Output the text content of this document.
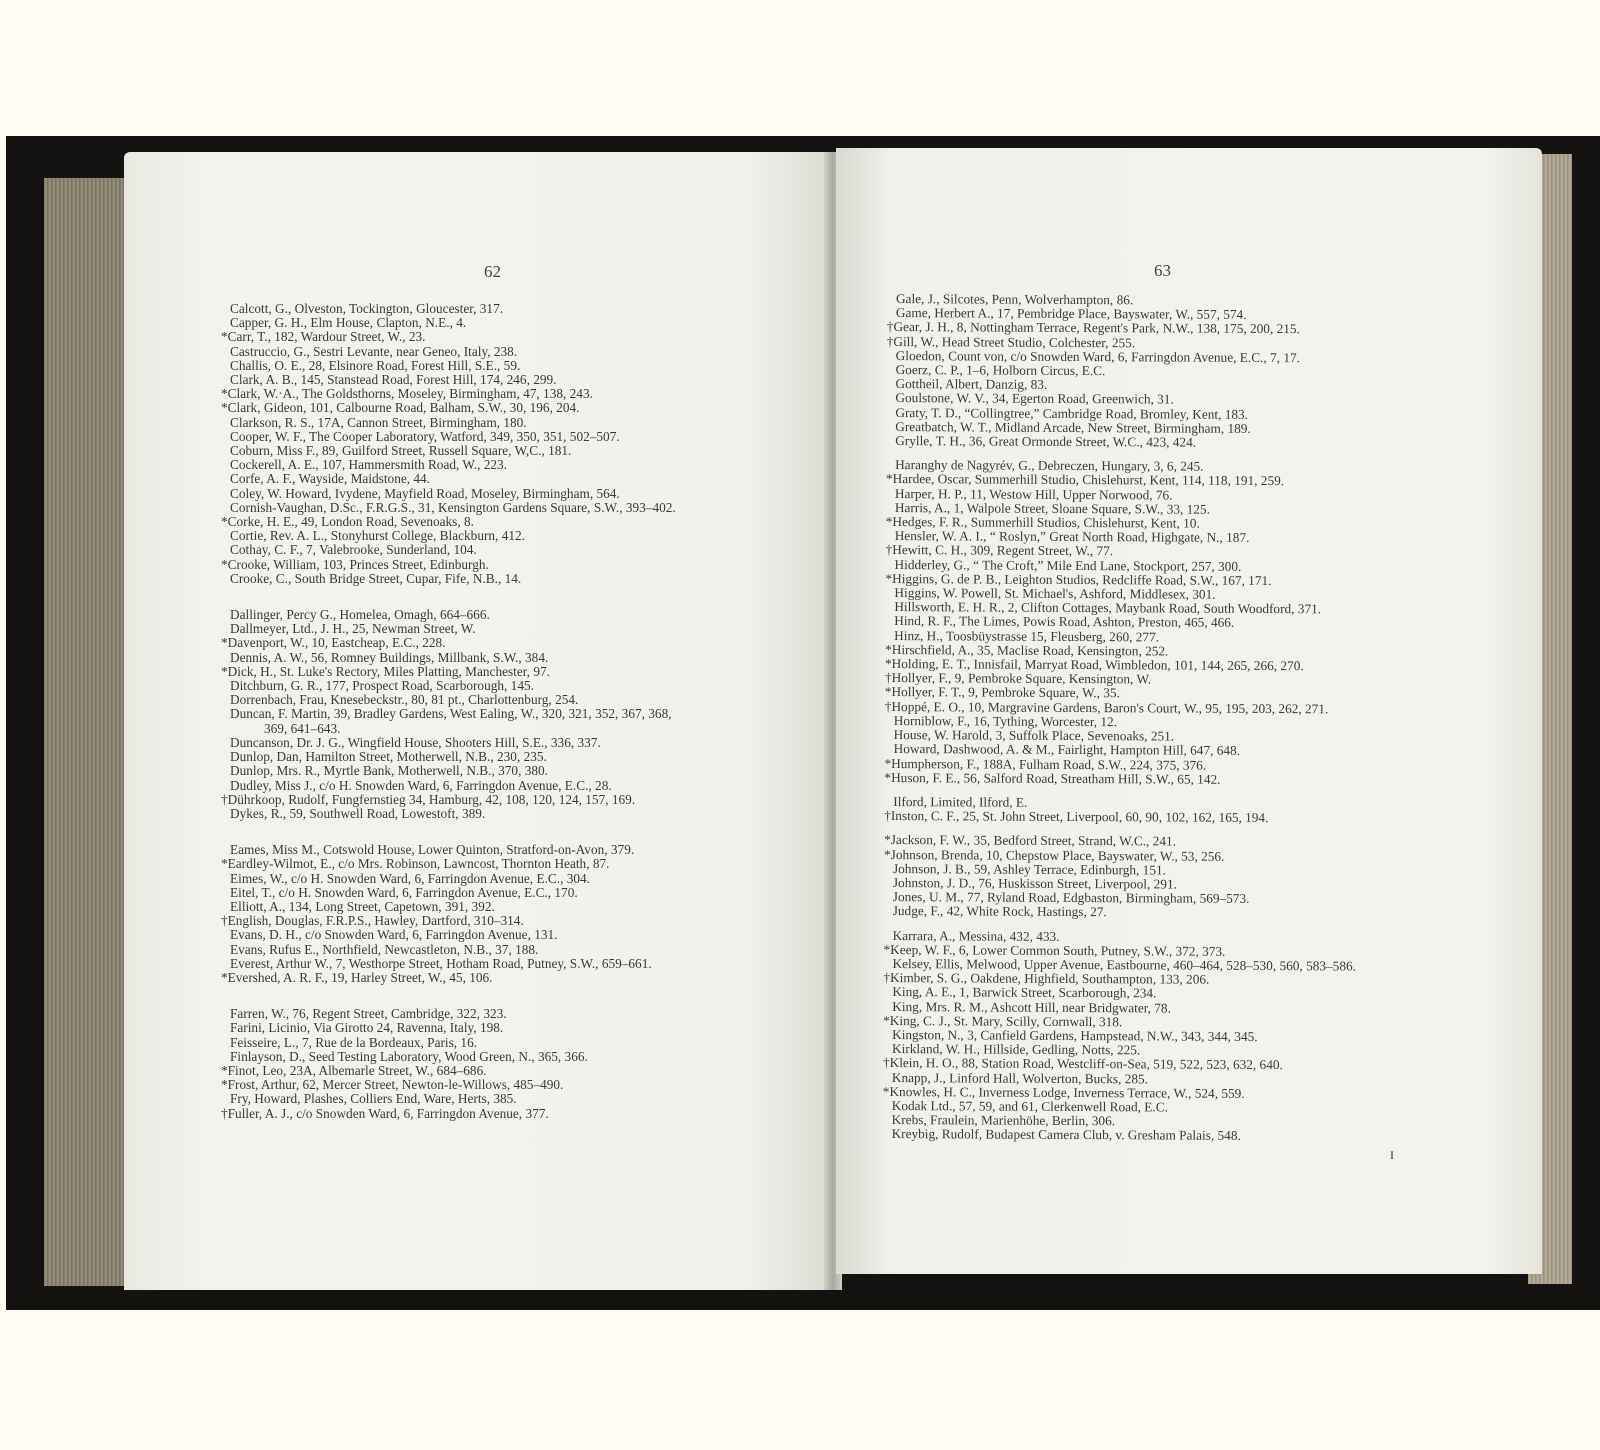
62
Calcott, G., Olveston, Tockington, Gloucester, 317.
Capper, G. H., Elm House, Clapton, N.E., 4.
*Carr, T., 182, Wardour Street, W., 23.
Castruccio, G., Sestri Levante, near Geneo, Italy, 238.
Challis, O. E., 28, Elsinore Road, Forest Hill, S.E., 59.
Clark, A. B., 145, Stanstead Road, Forest Hill, 174, 246, 299.
*Clark, W.·A., The Goldsthorns, Moseley, Birmingham, 47, 138, 243.
*Clark, Gideon, 101, Calbourne Road, Balham, S.W., 30, 196, 204.
Clarkson, R. S., 17A, Cannon Street, Birmingham, 180.
Cooper, W. F., The Cooper Laboratory, Watford, 349, 350, 351, 502–507.
Coburn, Miss F., 89, Guilford Street, Russell Square, W,C., 181.
Cockerell, A. E., 107, Hammersmith Road, W., 223.
Corfe, A. F., Wayside, Maidstone, 44.
Coley, W. Howard, Ivydene, Mayfield Road, Moseley, Birmingham, 564.
Cornish-Vaughan, D.Sc., F.R.G.S., 31, Kensington Gardens Square, S.W., 393–402.
*Corke, H. E., 49, London Road, Sevenoaks, 8.
Cortie, Rev. A. L., Stonyhurst College, Blackburn, 412.
Cothay, C. F., 7, Valebrooke, Sunderland, 104.
*Crooke, William, 103, Princes Street, Edinburgh.
Crooke, C., South Bridge Street, Cupar, Fife, N.B., 14.
Dallinger, Percy G., Homelea, Omagh, 664–666.
Dallmeyer, Ltd., J. H., 25, Newman Street, W.
*Davenport, W., 10, Eastcheap, E.C., 228.
Dennis, A. W., 56, Romney Buildings, Millbank, S.W., 384.
*Dick, H., St. Luke's Rectory, Miles Platting, Manchester, 97.
Ditchburn, G. R., 177, Prospect Road, Scarborough, 145.
Dorrenbach, Frau, Knesebeckstr., 80, 81 pt., Charlottenburg, 254.
Duncan, F. Martin, 39, Bradley Gardens, West Ealing, W., 320, 321, 352, 367, 368,
369, 641–643.
Duncanson, Dr. J. G., Wingfield House, Shooters Hill, S.E., 336, 337.
Dunlop, Dan, Hamilton Street, Motherwell, N.B., 230, 235.
Dunlop, Mrs. R., Myrtle Bank, Motherwell, N.B., 370, 380.
Dudley, Miss J., c/o H. Snowden Ward, 6, Farringdon Avenue, E.C., 28.
†Dührkoop, Rudolf, Fungfernstieg 34, Hamburg, 42, 108, 120, 124, 157, 169.
Dykes, R., 59, Southwell Road, Lowestoft, 389.
Eames, Miss M., Cotswold House, Lower Quinton, Stratford-on-Avon, 379.
*Eardley-Wilmot, E., c/o Mrs. Robinson, Lawncost, Thornton Heath, 87.
Eimes, W., c/o H. Snowden Ward, 6, Farringdon Avenue, E.C., 304.
Eitel, T., c/o H. Snowden Ward, 6, Farringdon Avenue, E.C., 170.
Elliott, A., 134, Long Street, Capetown, 391, 392.
†English, Douglas, F.R.P.S., Hawley, Dartford, 310–314.
Evans, D. H., c/o Snowden Ward, 6, Farringdon Avenue, 131.
Evans, Rufus E., Northfield, Newcastleton, N.B., 37, 188.
Everest, Arthur W., 7, Westhorpe Street, Hotham Road, Putney, S.W., 659–661.
*Evershed, A. R. F., 19, Harley Street, W., 45, 106.
Farren, W., 76, Regent Street, Cambridge, 322, 323.
Farini, Licinio, Via Girotto 24, Ravenna, Italy, 198.
Feisseire, L., 7, Rue de la Bordeaux, Paris, 16.
Finlayson, D., Seed Testing Laboratory, Wood Green, N., 365, 366.
*Finot, Leo, 23A, Albemarle Street, W., 684–686.
*Frost, Arthur, 62, Mercer Street, Newton-le-Willows, 485–490.
Fry, Howard, Plashes, Colliers End, Ware, Herts, 385.
†Fuller, A. J., c/o Snowden Ward, 6, Farringdon Avenue, 377.
63
Gale, J., Silcotes, Penn, Wolverhampton, 86.
Game, Herbert A., 17, Pembridge Place, Bayswater, W., 557, 574.
†Gear, J. H., 8, Nottingham Terrace, Regent's Park, N.W., 138, 175, 200, 215.
†Gill, W., Head Street Studio, Colchester, 255.
Gloedon, Count von, c/o Snowden Ward, 6, Farringdon Avenue, E.C., 7, 17.
Goerz, C. P., 1–6, Holborn Circus, E.C.
Gottheil, Albert, Danzig, 83.
Goulstone, W. V., 34, Egerton Road, Greenwich, 31.
Graty, T. D., “Collingtree,” Cambridge Road, Bromley, Kent, 183.
Greatbatch, W. T., Midland Arcade, New Street, Birmingham, 189.
Grylle, T. H., 36, Great Ormonde Street, W.C., 423, 424.
Haranghy de Nagyrév, G., Debreczen, Hungary, 3, 6, 245.
*Hardee, Oscar, Summerhill Studio, Chislehurst, Kent, 114, 118, 191, 259.
Harper, H. P., 11, Westow Hill, Upper Norwood, 76.
Harris, A., 1, Walpole Street, Sloane Square, S.W., 33, 125.
*Hedges, F. R., Summerhill Studios, Chislehurst, Kent, 10.
Hensler, W. A. I., “ Roslyn,” Great North Road, Highgate, N., 187.
†Hewitt, C. H., 309, Regent Street, W., 77.
Hidderley, G., “ The Croft,” Mile End Lane, Stockport, 257, 300.
*Higgins, G. de P. B., Leighton Studios, Redcliffe Road, S.W., 167, 171.
Higgins, W. Powell, St. Michael's, Ashford, Middlesex, 301.
Hillsworth, E. H. R., 2, Clifton Cottages, Maybank Road, South Woodford, 371.
Hind, R. F., The Limes, Powis Road, Ashton, Preston, 465, 466.
Hinz, H., Toosbüystrasse 15, Fleusberg, 260, 277.
*Hirschfield, A., 35, Maclise Road, Kensington, 252.
*Holding, E. T., Innisfail, Marryat Road, Wimbledon, 101, 144, 265, 266, 270.
†Hollyer, F., 9, Pembroke Square, Kensington, W.
*Hollyer, F. T., 9, Pembroke Square, W., 35.
†Hoppé, E. O., 10, Margravine Gardens, Baron's Court, W., 95, 195, 203, 262, 271.
Horniblow, F., 16, Tything, Worcester, 12.
House, W. Harold, 3, Suffolk Place, Sevenoaks, 251.
Howard, Dashwood, A. & M., Fairlight, Hampton Hill, 647, 648.
*Humpherson, F., 188A, Fulham Road, S.W., 224, 375, 376.
*Huson, F. E., 56, Salford Road, Streatham Hill, S.W., 65, 142.
Ilford, Limited, Ilford, E.
†Inston, C. F., 25, St. John Street, Liverpool, 60, 90, 102, 162, 165, 194.
*Jackson, F. W., 35, Bedford Street, Strand, W.C., 241.
*Johnson, Brenda, 10, Chepstow Place, Bayswater, W., 53, 256.
Johnson, J. B., 59, Ashley Terrace, Edinburgh, 151.
Johnston, J. D., 76, Huskisson Street, Liverpool, 291.
Jones, U. M., 77, Ryland Road, Edgbaston, Birmingham, 569–573.
Judge, F., 42, White Rock, Hastings, 27.
Karrara, A., Messina, 432, 433.
*Keep, W. F., 6, Lower Common South, Putney, S.W., 372, 373.
Kelsey, Ellis, Melwood, Upper Avenue, Eastbourne, 460–464, 528–530, 560, 583–586.
†Kimber, S. G., Oakdene, Highfield, Southampton, 133, 206.
King, A. E., 1, Barwick Street, Scarborough, 234.
King, Mrs. R. M., Ashcott Hill, near Bridgwater, 78.
*King, C. J., St. Mary, Scilly, Cornwall, 318.
Kingston, N., 3, Canfield Gardens, Hampstead, N.W., 343, 344, 345.
Kirkland, W. H., Hillside, Gedling, Notts, 225.
†Klein, H. O., 88, Station Road, Westcliff-on-Sea, 519, 522, 523, 632, 640.
Knapp, J., Linford Hall, Wolverton, Bucks, 285.
*Knowles, H. C., Inverness Lodge, Inverness Terrace, W., 524, 559.
Kodak Ltd., 57, 59, and 61, Clerkenwell Road, E.C.
Krebs, Fraulein, Marienhöhe, Berlin, 306.
Kreybig, Rudolf, Budapest Camera Club, v. Gresham Palais, 548.
I
